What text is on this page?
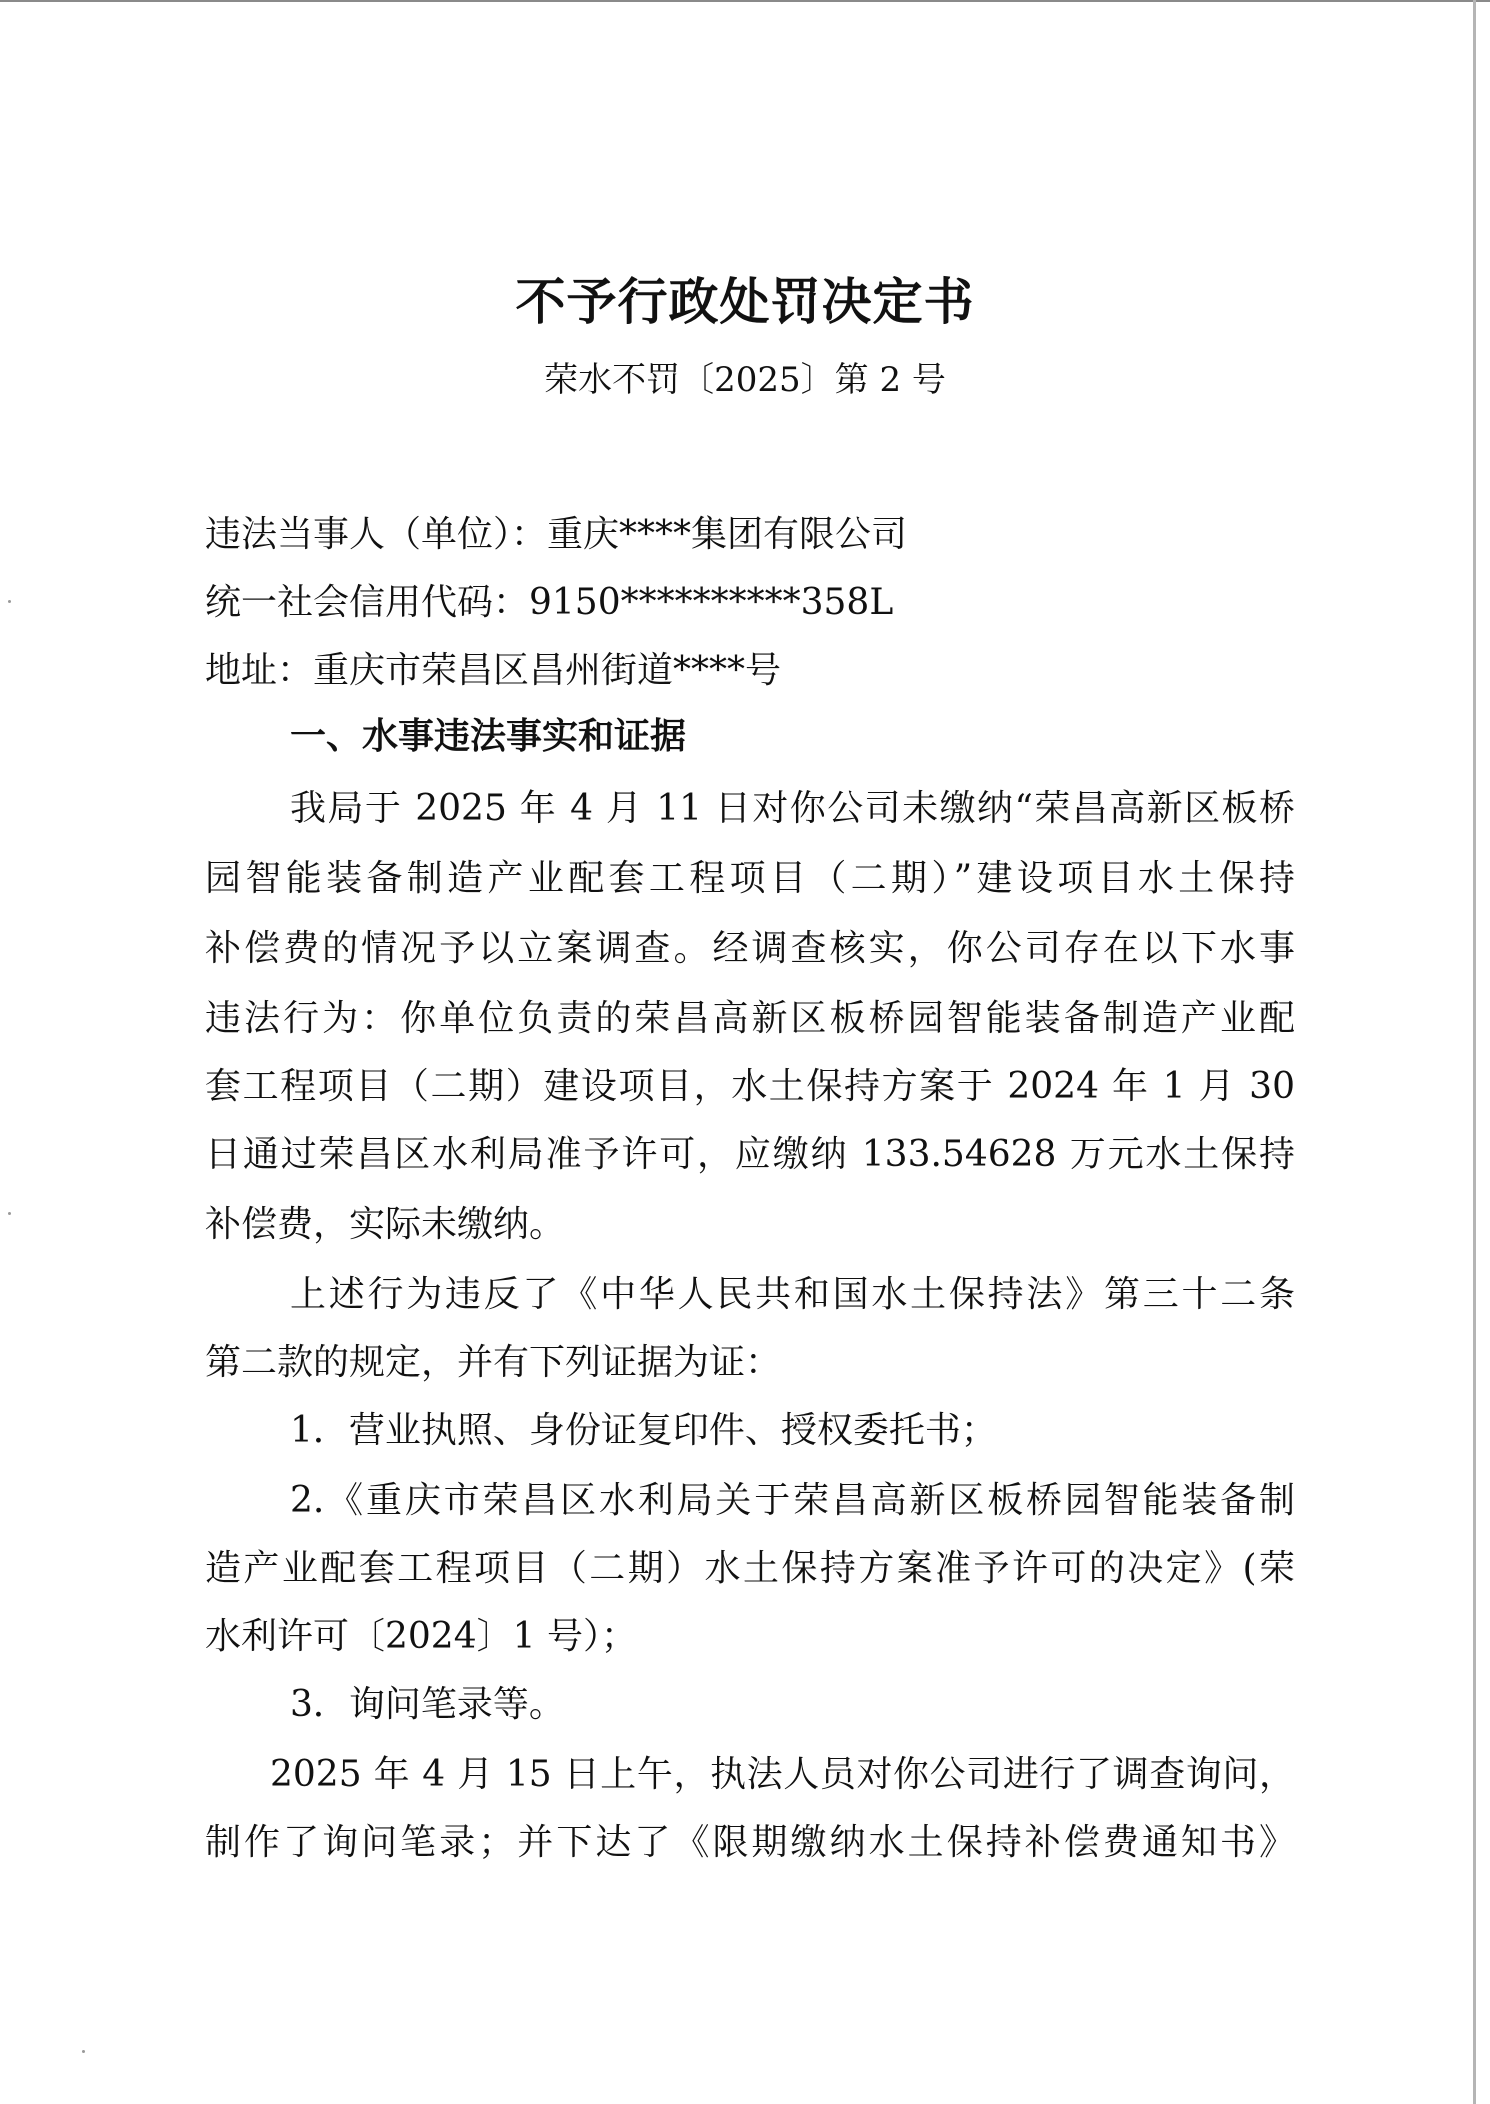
不予行政处罚决定书
荣水不罚〔2025〕第 2 号
违法当事人（单位）：重庆****集团有限公司
统一社会信用代码：9150**********358L
地址：重庆市荣昌区昌州街道****号
一、水事违法事实和证据
我局于 2025 年 4 月 11 日对你公司未缴纳“荣昌高新区板桥
园智能装备制造产业配套工程项目（二期）”建设项目水土保持
补偿费的情况予以立案调查。经调查核实，你公司存在以下水事
违法行为：你单位负责的荣昌高新区板桥园智能装备制造产业配
套工程项目（二期）建设项目，水土保持方案于 2024 年 1 月 30
日通过荣昌区水利局准予许可，应缴纳 133.54628 万元水土保持
补偿费，实际未缴纳。
上述行为违反了《中华人民共和国水土保持法》第三十二条
第二款的规定，并有下列证据为证：
1．营业执照、身份证复印件、授权委托书；
2.《重庆市荣昌区水利局关于荣昌高新区板桥园智能装备制
造产业配套工程项目（二期）水土保持方案准予许可的决定》(荣
水利许可〔2024〕1 号）；
3．询问笔录等。
2025 年 4 月 15 日上午，执法人员对你公司进行了调查询问，
制作了询问笔录；并下达了《限期缴纳水土保持补偿费通知书》
